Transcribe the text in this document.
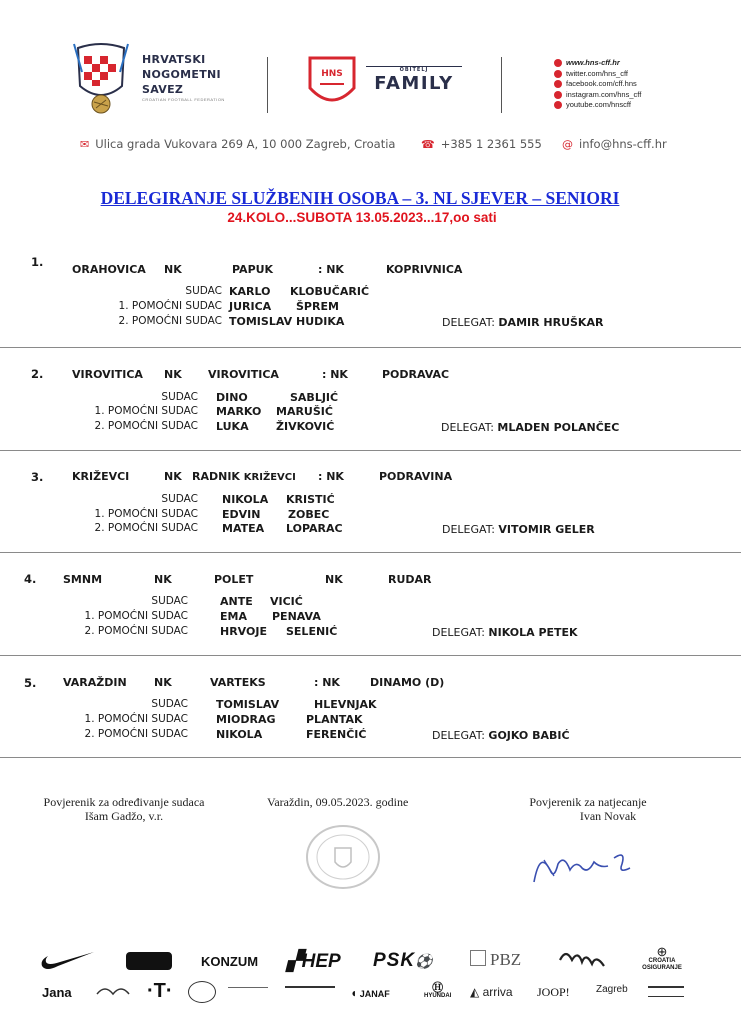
HRVATSKI
NOGOMETNI
SAVEZ
CROATIAN FOOTBALL FEDERATION
HNS	OBITELJ
FAMILY
www.hns-cff.hr
twitter.com/hns_cff
facebook.com/cff.hns
instagram.com/hns_cff
youtube.com/hnscff
✉ Ulica grada Vukovara 269 A, 10 000 Zagreb, Croatia ☎ +385 1 2361 555 @ info@hns-cff.hr
DELEGIRANJE SLUŽBENIH OSOBA – 3. NL SJEVER – SENIORI
24.KOLO...SUBOTA 13.05.2023...17,oo sati
1.
ORAHOVICA NK	PAPUK	: NK	KOPRIVNICA
SUDAC KARLO KLOBUČARIĆ
1. POMOĆNI SUDAC JURICA ŠPREM
2. POMOĆNI SUDAC TOMISLAV HUDIKA	DELEGAT: DAMIR HRUŠKAR
2.	VIROVITICA NK VIROVITICA	: NK	PODRAVAC
SUDAC DINO	SABLJIĆ
1. POMOĆNI SUDAC MARKO MARUŠIĆ
2. POMOĆNI SUDAC LUKA ŽIVKOVIĆ	DELEGAT: MLADEN POLANČEC
3.	KRIŽEVCI	NK RADNIK KRIŽEVCI : NK	PODRAVINA
SUDAC NIKOLA KRISTIĆ
1. POMOĆNI SUDAC EDVIN	ZOBEC
2. POMOĆNI SUDAC MATEA LOPARAC	DELEGAT: VITOMIR GELER
4. SMNM	NK	POLET	NK	RUDAR
SUDAC	ANTE VICIĆ
1. POMOĆNI SUDAC	EMA PENAVA
2. POMOĆNI SUDAC	HRVOJE SELENIĆ	DELEGAT: NIKOLA PETEK
5. VARAŽDIN NK	VARTEKS	: NK	DINAMO (D)
SUDAC	TOMISLAV	HLEVNJAK
1. POMOĆNI SUDAC	MIODRAG	PLANTAK
2. POMOĆNI SUDAC	NIKOLA	FERENČIĆ	DELEGAT: GOJKO BABIĆ
Povjerenik za određivanje sudaca
Išam Gadžo, v.r.
Varaždin, 09.05.2023. godine	Povjerenik za natjecanje
Ivan Novak
KONZUM ▞HEP PSK⚽	PBZ	⊕
CROATIA
OSIGURANJE
Jana	·T·	◖ JANAF	Ⓗ
HYUNDAI ◭ arriva JOOP!	Zagreb
